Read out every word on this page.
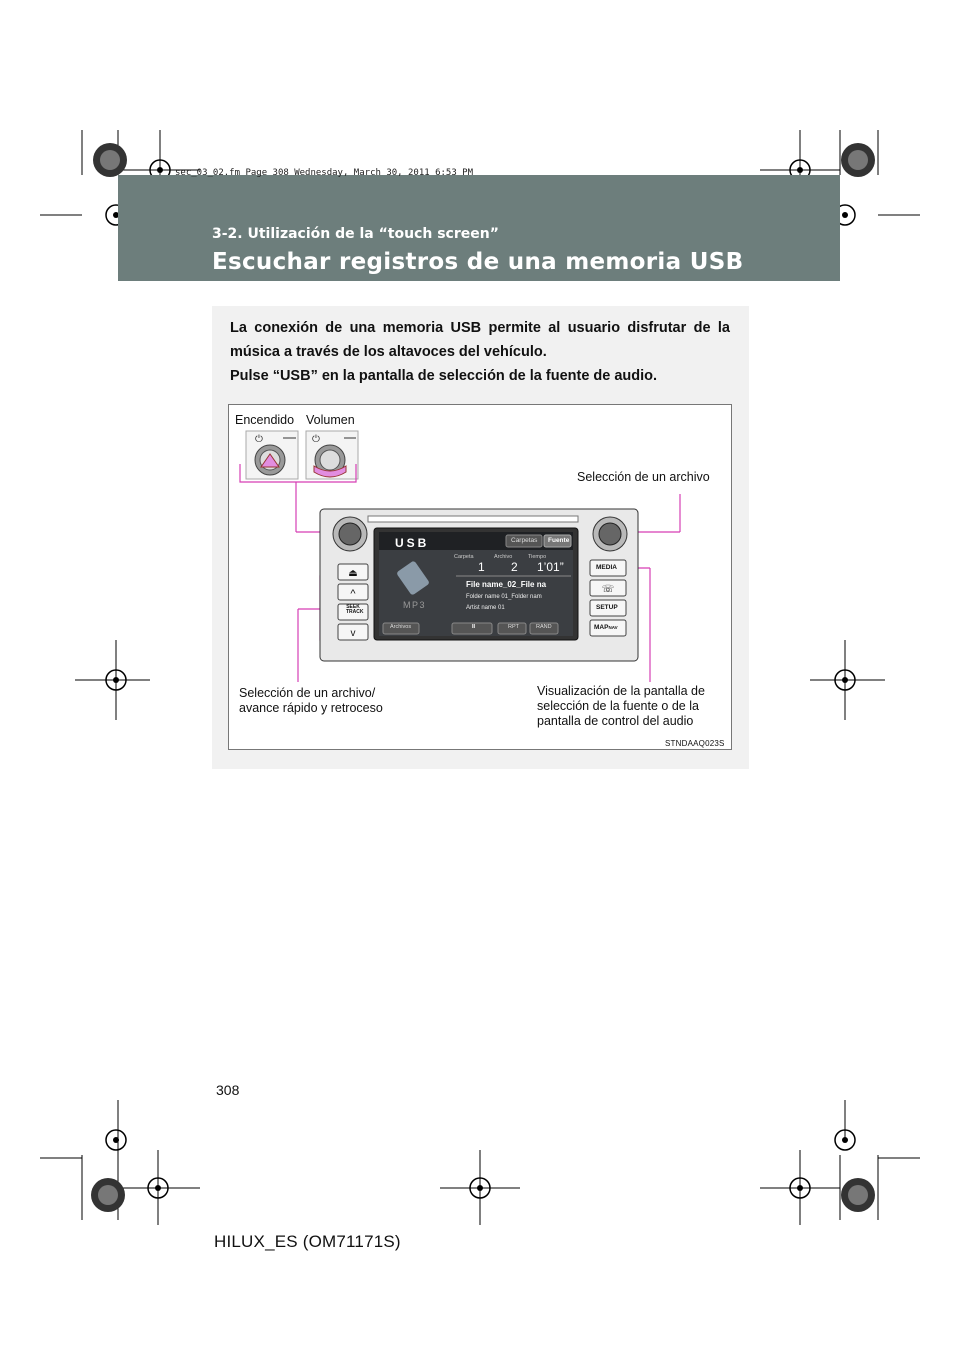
sec_03_02.fm Page 308 Wednesday, March 30, 2011 6:53 PM
3-2. Utilización de la “touch screen”
Escuchar registros de una memoria USB

La conexión de una memoria USB permite al usuario disfrutar de la música a través de los altavoces del vehículo.

Pulse “USB” en la pantalla de selección de la fuente de audio.

Encendido Volumen
Selección de un archivo
Selección de un archivo/
avance rápido y retroceso
Visualización de la pantalla de
selección de la fuente o de la
pantalla de control del audio
STNDAAQ023S
⏻	⏻
⏏
^
v
☏
USB	Carpetas Fuente
Carpeta	Archivo	Tiempo
1 2 1’01”
File name_02_File na
Folder name 01_Folder nam
Artist name 01
MP3
Archivos	II	RPT	RAND
SEEK
TRACK
MEDIA
SETUP
MAPNAV
308
HILUX_ES (OM71171S)
